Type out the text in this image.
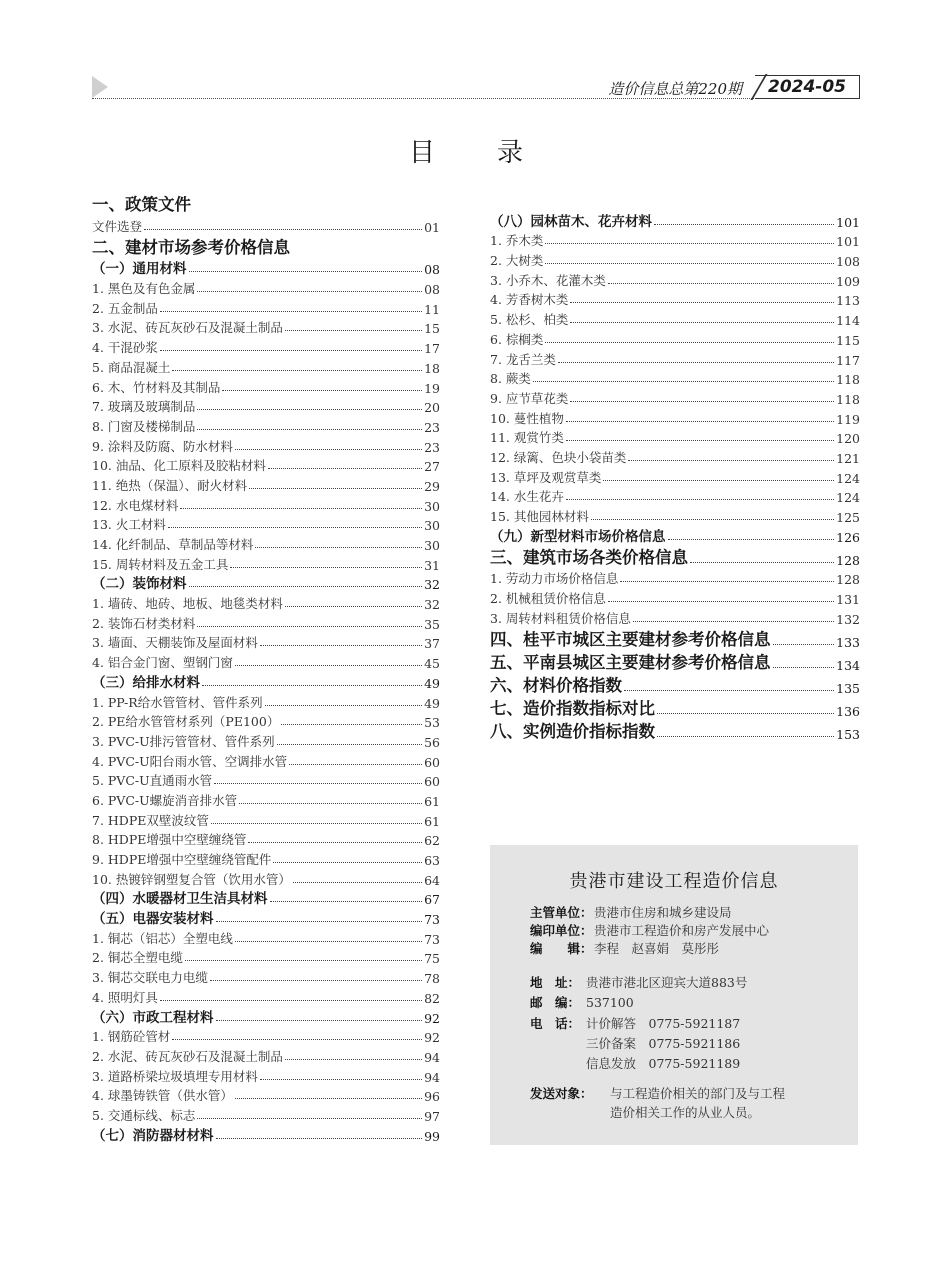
造价信息总第220期	2024-05
目　录
一、政策文件
文件选登	01
二、建材市场参考价格信息
（一）通用材料	08
1. 黑色及有色金属	08
2. 五金制品	11
3. 水泥、砖瓦灰砂石及混凝土制品	15
4. 干混砂浆	17
5. 商品混凝土	18
6. 木、竹材料及其制品	19
7. 玻璃及玻璃制品	20
8. 门窗及楼梯制品	23
9. 涂料及防腐、防水材料	23
10. 油品、化工原料及胶粘材料	27
11. 绝热（保温）、耐火材料	29
12. 水电煤材料	30
13. 火工材料	30
14. 化纤制品、草制品等材料	30
15. 周转材料及五金工具	31
（二）装饰材料	32
1. 墙砖、地砖、地板、地毯类材料	32
2. 装饰石材类材料	35
3. 墙面、天棚装饰及屋面材料	37
4. 铝合金门窗、塑钢门窗	45
（三）给排水材料	49
1. PP-R给水管管材、管件系列	49
2. PE给水管管材系列（PE100）	53
3. PVC-U排污管管材、管件系列	56
4. PVC-U阳台雨水管、空调排水管	60
5. PVC-U直通雨水管	60
6. PVC-U螺旋消音排水管	61
7. HDPE双壁波纹管	61
8. HDPE增强中空壁缠绕管	62
9. HDPE增强中空壁缠绕管配件	63
10. 热镀锌钢塑复合管（饮用水管）	64
（四）水暖器材卫生洁具材料	67
（五）电器安装材料	73
1. 铜芯（铝芯）全塑电线	73
2. 铜芯全塑电缆	75
3. 铜芯交联电力电缆	78
4. 照明灯具	82
（六）市政工程材料	92
1. 钢筋砼管材	92
2. 水泥、砖瓦灰砂石及混凝土制品	94
3. 道路桥梁垃圾填埋专用材料	94
4. 球墨铸铁管（供水管）	96
5. 交通标线、标志	97
（七）消防器材材料	99
（八）园林苗木、花卉材料	101
1. 乔木类	101
2. 大树类	108
3. 小乔木、花灌木类	109
4. 芳香树木类	113
5. 松杉、柏类	114
6. 棕榈类	115
7. 龙舌兰类	117
8. 蕨类	118
9. 应节草花类	118
10. 蔓性植物	119
11. 观赏竹类	120
12. 绿篱、色块小袋苗类	121
13. 草坪及观赏草类	124
14. 水生花卉	124
15. 其他园林材料	125
（九）新型材料市场价格信息	126
三、建筑市场各类价格信息	128
1. 劳动力市场价格信息	128
2. 机械租赁价格信息	131
3. 周转材料租赁价格信息	132
四、桂平市城区主要建材参考价格信息	133
五、平南县城区主要建材参考价格信息	134
六、材料价格指数	135
七、造价指数指标对比	136
八、实例造价指标指数	153
贵港市建设工程造价信息
主管单位：贵港市住房和城乡建设局
编印单位：贵港市工程造价和房产发展中心
编　　辑：李程　赵喜娟　莫彤彤
地　址： 贵港市港北区迎宾大道883号
邮　编： 537100
电　话： 计价解答　0775-5921187
三价备案　0775-5921186
信息发放　0775-5921189
发送对象： 与工程造价相关的部门及与工程
造价相关工作的从业人员。
